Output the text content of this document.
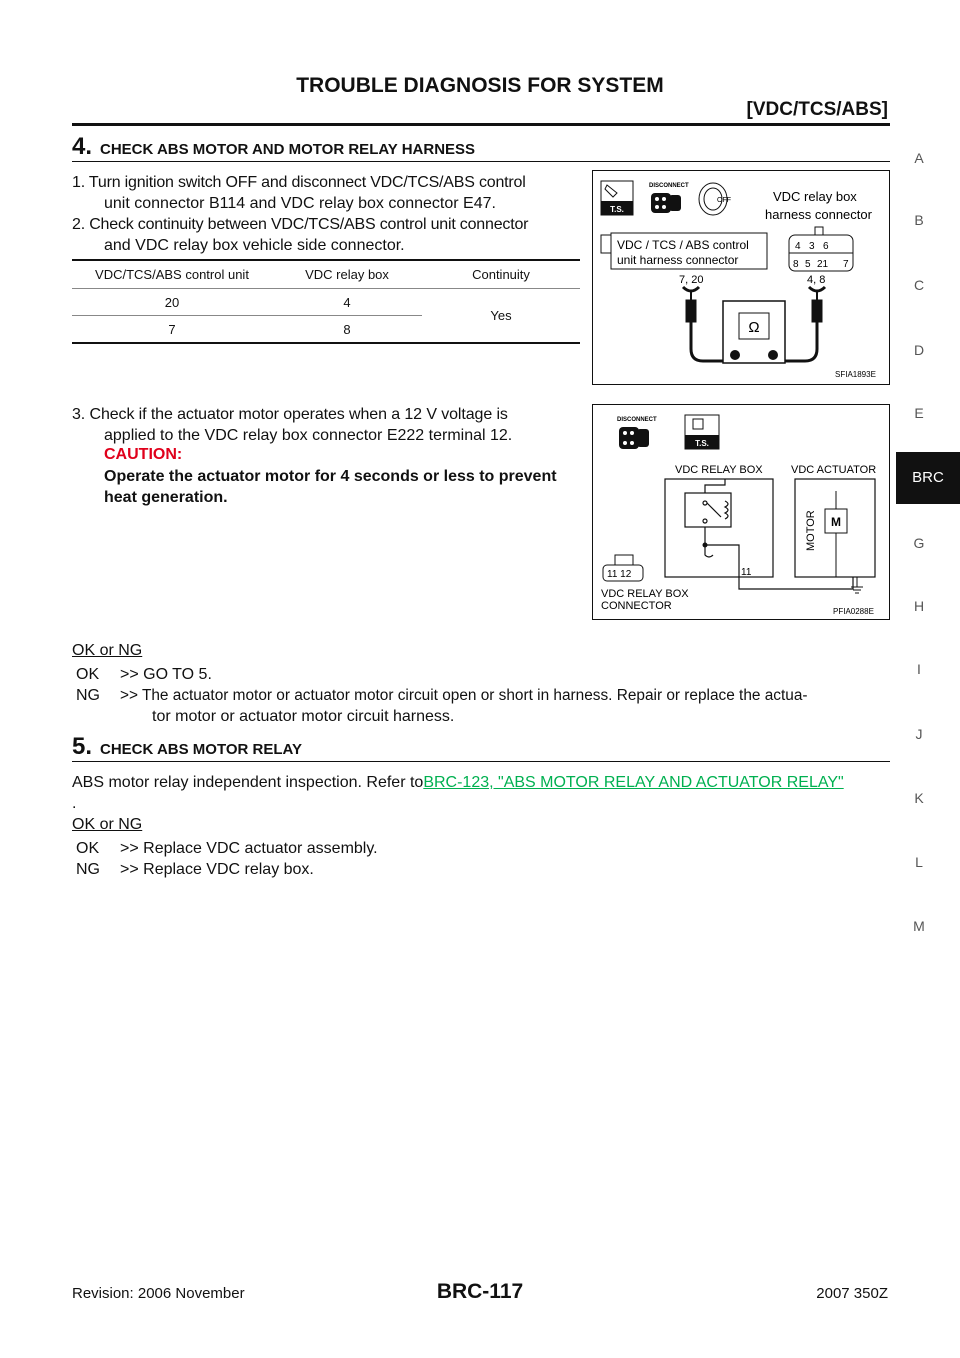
TROUBLE DIAGNOSIS FOR SYSTEM
[VDC/TCS/ABS]
A
B
C
D
E
BRC
G
H
I
J
K
L
M
4. CHECK ABS MOTOR AND MOTOR RELAY HARNESS
1. Turn ignition switch OFF and disconnect VDC/TCS/ABS control
unit connector B114 and VDC relay box connector E47.
2. Check continuity between VDC/TCS/ABS control unit connector
and VDC relay box vehicle side connector.
VDC/TCS/ABS control unit	VDC relay box	Continuity
20	4	Yes
7	8	
T.S.
DISCONNECT
OFF	VDC relay box
harness connector
VDC / TCS / ABS control
unit harness connector
4 3 6
8 5 21 7
7, 20	4, 8
Ω
SFIA1893E
3. Check if the actuator motor operates when a 12 V voltage is
applied to the VDC relay box connector E222 terminal 12.
CAUTION:
Operate the actuator motor for 4 seconds or less to prevent
heat generation.
DISCONNECT
T.S.
VDC RELAY BOX	VDC ACTUATOR
MOTOR M
11 12	11
VDC RELAY BOX
CONNECTOR	PFIA0288E
OK or NG
OK >> GO TO 5.
NG >> The actuator motor or actuator motor circuit open or short in harness. Repair or replace the actua-
tor motor or actuator motor circuit harness.
5. CHECK ABS MOTOR RELAY
ABS motor relay independent inspection. Refer toBRC-123, "ABS MOTOR RELAY AND ACTUATOR RELAY"
.
OK or NG
OK >> Replace VDC actuator assembly.
NG >> Replace VDC relay box.
Revision: 2006 November	BRC-117	2007 350Z
